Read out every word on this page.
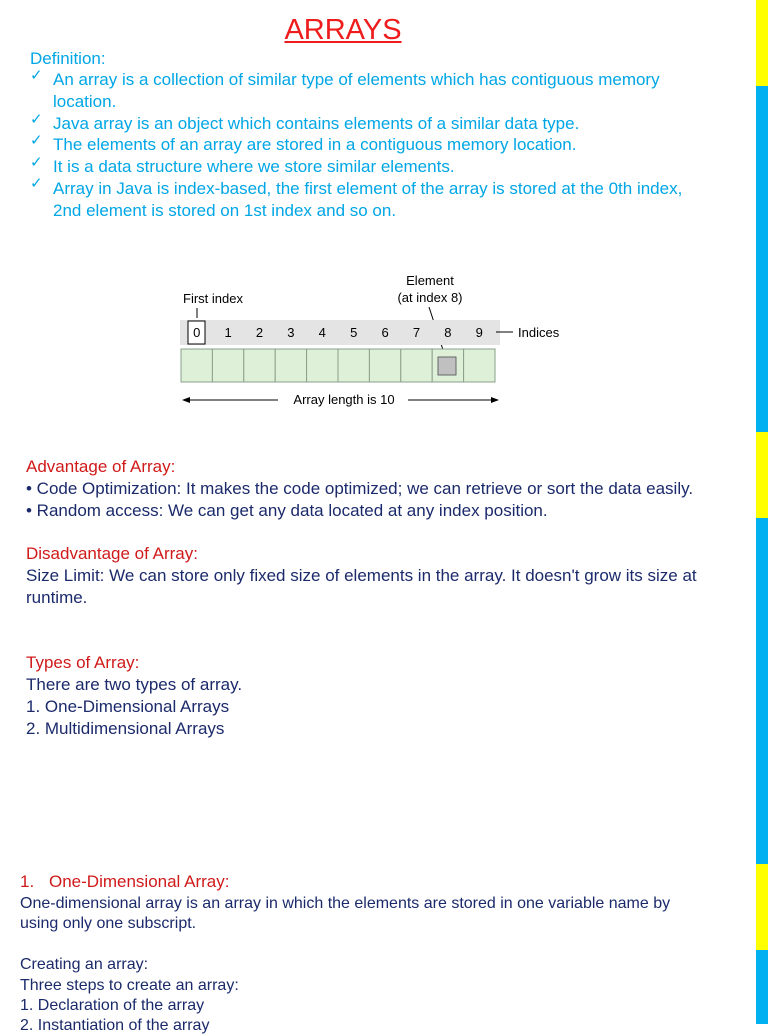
ARRAYS
Definition:
✓ An array is a collection of similar type of elements which has contiguous memory
location.
✓ Java array is an object which contains elements of a similar data type.
✓ The elements of an array are stored in a contiguous memory location.
✓ It is a data structure where we store similar elements.
✓ Array in Java is index-based, the first element of the array is stored at the 0th index,
2nd element is stored on 1st index and so on.
First index
Element
(at index 8)
0 1 2 3 4 5 6 7 8 9	Indices
Array length is 10
Advantage of Array:
• Code Optimization: It makes the code optimized; we can retrieve or sort the data easily.
• Random access: We can get any data located at any index position.
Disadvantage of Array:
Size Limit: We can store only fixed size of elements in the array. It doesn't grow its size at
runtime.
Types of Array:
There are two types of array.
1. One-Dimensional Arrays
2. Multidimensional Arrays
1. One-Dimensional Array:
One-dimensional array is an array in which the elements are stored in one variable name by
using only one subscript.
Creating an array:
Three steps to create an array:
1. Declaration of the array
2. Instantiation of the array
